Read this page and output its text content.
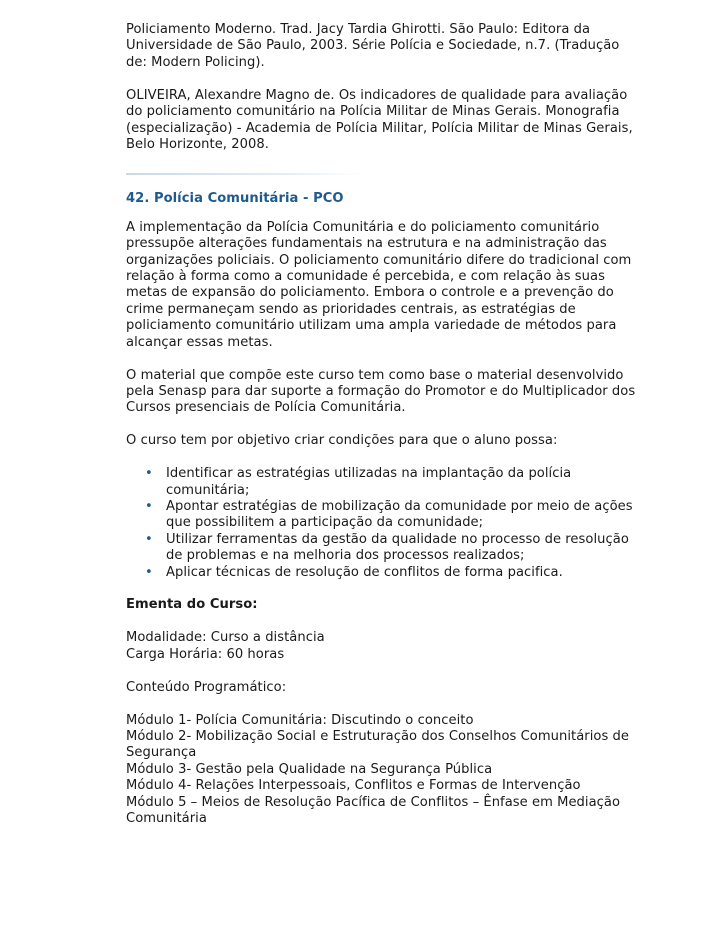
Policiamento Moderno. Trad. Jacy Tardia Ghirotti. São Paulo: Editora da
Universidade de São Paulo, 2003. Série Polícia e Sociedade, n.7. (Tradução
de: Modern Policing).

OLIVEIRA, Alexandre Magno de. Os indicadores de qualidade para avaliação
do policiamento comunitário na Polícia Militar de Minas Gerais. Monografia
(especialização) - Academia de Polícia Militar, Polícia Militar de Minas Gerais,
Belo Horizonte, 2008.

42. Polícia Comunitária - PCO

A implementação da Polícia Comunitária e do policiamento comunitário
pressupõe alterações fundamentais na estrutura e na administração das
organizações policiais. O policiamento comunitário difere do tradicional com
relação à forma como a comunidade é percebida, e com relação às suas
metas de expansão do policiamento. Embora o controle e a prevenção do
crime permaneçam sendo as prioridades centrais, as estratégias de
policiamento comunitário utilizam uma ampla variedade de métodos para
alcançar essas metas.

O material que compõe este curso tem como base o material desenvolvido
pela Senasp para dar suporte a formação do Promotor e do Multiplicador dos
Cursos presenciais de Polícia Comunitária.

O curso tem por objetivo criar condições para que o aluno possa:

• Identificar as estratégias utilizadas na implantação da polícia
comunitária;
• Apontar estratégias de mobilização da comunidade por meio de ações
que possibilitem a participação da comunidade;
• Utilizar ferramentas da gestão da qualidade no processo de resolução
de problemas e na melhoria dos processos realizados;
• Aplicar técnicas de resolução de conflitos de forma pacifica.

Ementa do Curso:

Modalidade: Curso a distância
Carga Horária: 60 horas

Conteúdo Programático:

Módulo 1- Polícia Comunitária: Discutindo o conceito
Módulo 2- Mobilização Social e Estruturação dos Conselhos Comunitários de
Segurança
Módulo 3- Gestão pela Qualidade na Segurança Pública
Módulo 4- Relações Interpessoais, Conflitos e Formas de Intervenção
Módulo 5 – Meios de Resolução Pacífica de Conflitos – Ênfase em Mediação
Comunitária
